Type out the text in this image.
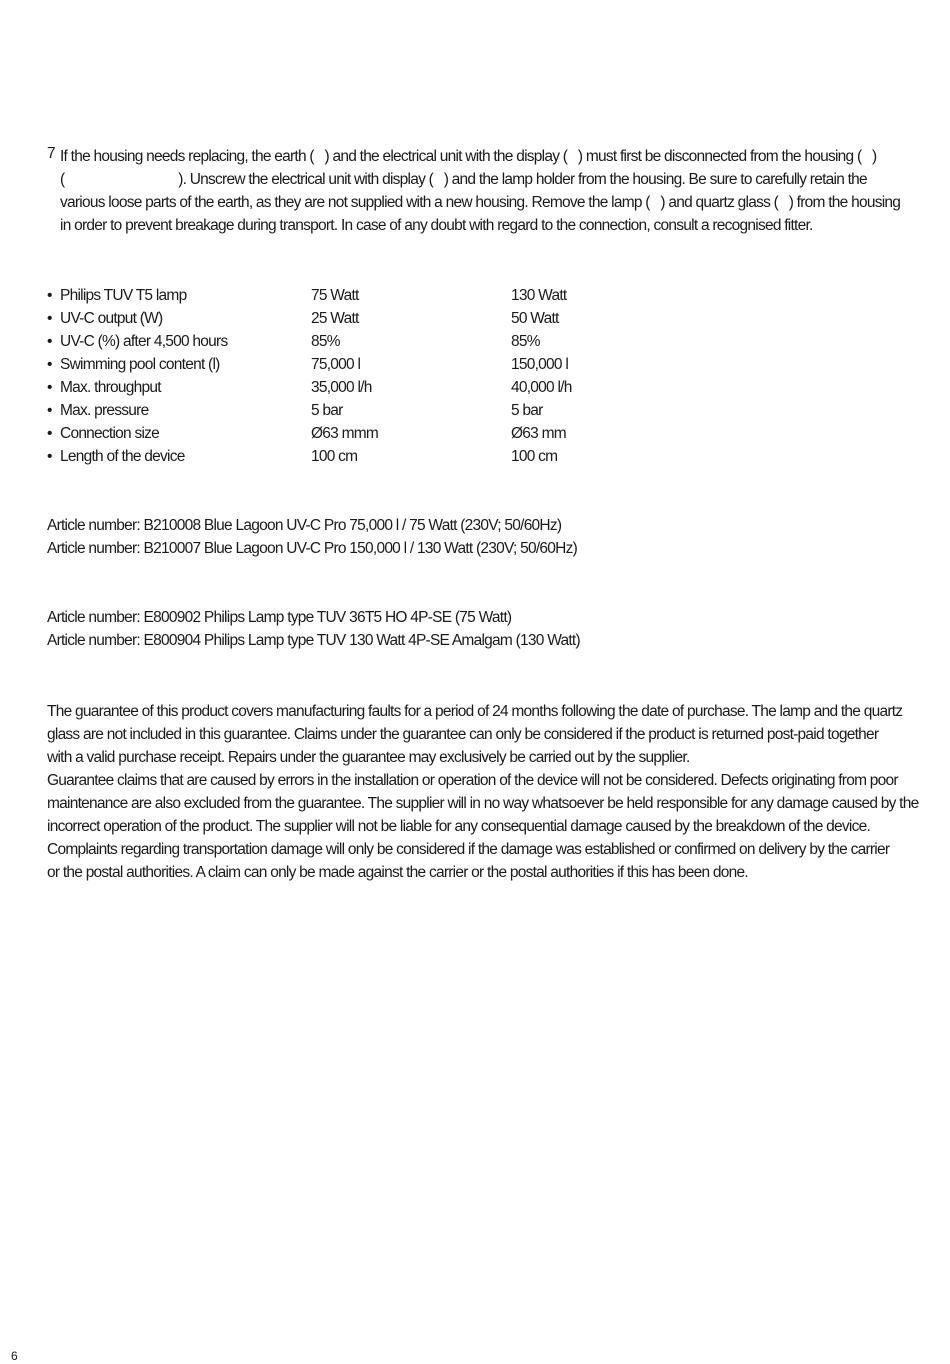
7 If the housing needs replacing, the earth (   ) and the electrical unit with the display (   ) must first be disconnected from the housing (   )
(                                ). Unscrew the electrical unit with display (   ) and the lamp holder from the housing. Be sure to carefully retain the
various loose parts of the earth, as they are not supplied with a new housing. Remove the lamp (   ) and quartz glass (   ) from the housing
in order to prevent breakage during transport. In case of any doubt with regard to the connection, consult a recognised fitter.
• Philips TUV T5 lamp	75 Watt	130 Watt
• UV-C output (W)	25 Watt	50 Watt
• UV-C (%) after 4,500 hours	85%	85%
• Swimming pool content (l)	75,000 l	150,000 l
• Max. throughput	35,000 l/h	40,000 l/h
• Max. pressure	5 bar	5 bar
• Connection size	Ø63 mmm	Ø63 mm
• Length of the device	100 cm	100 cm
Article number: B210008 Blue Lagoon UV-C Pro 75,000 l / 75 Watt (230V; 50/60Hz)
Article number: B210007 Blue Lagoon UV-C Pro 150,000 l / 130 Watt (230V; 50/60Hz)
Article number: E800902 Philips Lamp type TUV 36T5 HO 4P-SE (75 Watt)
Article number: E800904 Philips Lamp type TUV 130 Watt 4P-SE Amalgam (130 Watt)
The guarantee of this product covers manufacturing faults for a period of 24 months following the date of purchase. The lamp and the quartz
glass are not included in this guarantee. Claims under the guarantee can only be considered if the product is returned post-paid together
with a valid purchase receipt. Repairs under the guarantee may exclusively be carried out by the supplier.
Guarantee claims that are caused by errors in the installation or operation of the device will not be considered. Defects originating from poor
maintenance are also excluded from the guarantee. The supplier will in no way whatsoever be held responsible for any damage caused by the
incorrect operation of the product. The supplier will not be liable for any consequential damage caused by the breakdown of the device.
Complaints regarding transportation damage will only be considered if the damage was established or confirmed on delivery by the carrier
or the postal authorities. A claim can only be made against the carrier or the postal authorities if this has been done.
6
